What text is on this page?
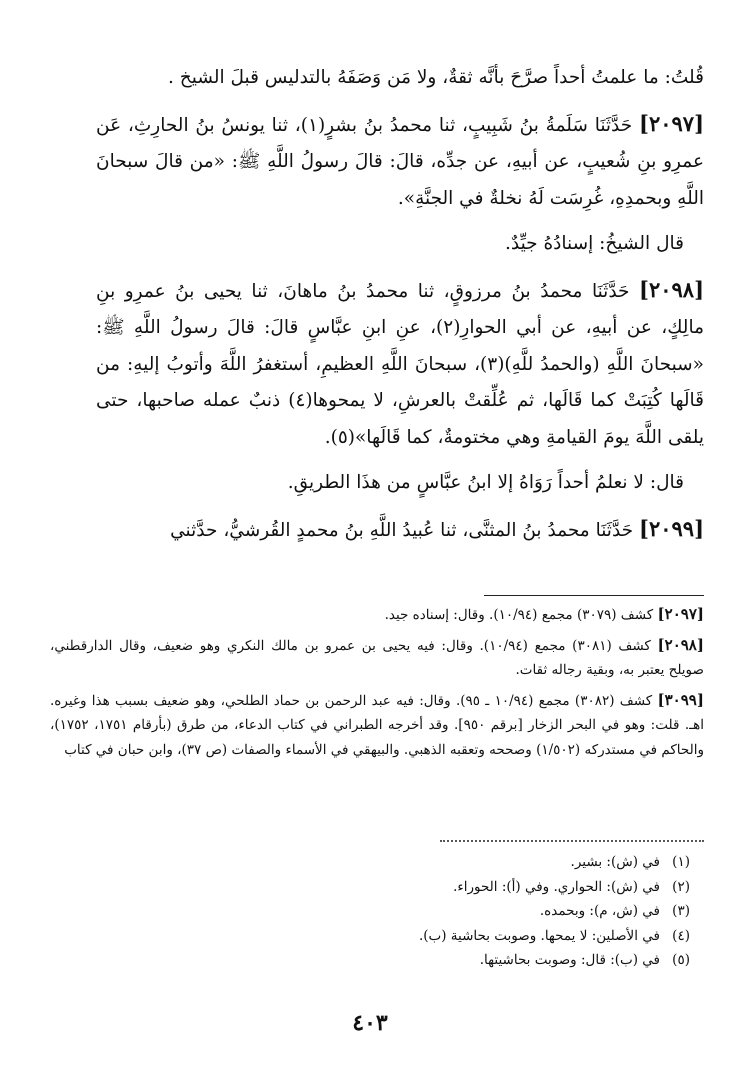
قُلتُ: ما علمتُ أحداً صرَّحَ بأنَّه ثقةٌ، ولا مَن وَصَفَهُ بالتدليس قبلَ الشيخ .

[٢٠٩٧] حَدَّثَنَا سَلَمةُ بنُ شَبِيبٍ، ثنا محمدُ بنُ بشرٍ(١)، ثنا يونسُ بنُ الحارِثِ، عَن عمرِو بنِ شُعيبٍ، عن أبيهِ، عن جدِّه، قالَ: قالَ رسولُ اللَّهِ ﷺ: «من قالَ سبحانَ اللَّهِ وبحمدِهِ، غُرِسَت لَهُ نخلةٌ في الجنَّةِ».

قال الشيخُ: إسنادُهُ جيِّدٌ.

[٢٠٩٨] حَدَّثَنَا محمدُ بنُ مرزوقٍ، ثنا محمدُ بنُ ماهانَ، ثنا يحيى بنُ عمرِو بنِ مالِكٍ، عن أبيهِ، عن أبي الحوارِ(٢)، عنِ ابنِ عبَّاسٍ قالَ: قالَ رسولُ اللَّهِ ﷺ: «سبحانَ اللَّهِ (والحمدُ للَّهِ)(٣)، سبحانَ اللَّهِ العظيمِ، أستغفرُ اللَّهَ وأتوبُ إليهِ: من قَالَها كُتِبَتْ كما قَالَها، ثم عُلِّقتْ بالعرشِ، لا يمحوها(٤) ذنبٌ عمله صاحبها، حتى يلقى اللَّهَ يومَ القيامةِ وهي مختومةٌ، كما قَالَها»(٥).

قال: لا نعلمُ أحداً رَوَاهُ إلا ابنُ عبَّاسٍ من هذَا الطريقِ.

[٢٠٩٩] حَدَّثَنَا محمدُ بنُ المثنَّى، ثنا عُبيدُ اللَّهِ بنُ محمدٍ القُرشيُّ، حدَّثني

[٢٠٩٧] كشف (٣٠٧٩) مجمع (١٠/٩٤). وقال: إسناده جيد.

[٢٠٩٨] كشف (٣٠٨١) مجمع (١٠/٩٤). وقال: فيه يحيى بن عمرو بن مالك النكري وهو ضعيف، وقال الدارقطني، صويلح يعتبر به، وبقية رجاله ثقات.

[٣٠٩٩] كشف (٣٠٨٢) مجمع (١٠/٩٤ ـ ٩٥). وقال: فيه عبد الرحمن بن حماد الطلحي، وهو ضعيف بسبب هذا وغيره. اهـ. قلت: وهو في البحر الزخار [برقم ٩٥٠]. وقد أخرجه الطبراني في كتاب الدعاء، من طرق (بأرقام ١٧٥١، ١٧٥٢)، والحاكم في مستدركه (١/٥٠٢) وصححه وتعقبه الذهبي. والبيهقي في الأسماء والصفات (ص ٣٧)، وابن حبان في كتاب

(١)
في (ش): بشير.
(٢)
في (ش): الحواري. وفي (أ): الحوراء.
(٣)
في (ش، م): وبحمده.
(٤)
في الأصلين: لا يمحها. وصوبت بحاشية (ب).
(٥)
في (ب): قال: وصوبت بحاشيتها.
٤٠٣
